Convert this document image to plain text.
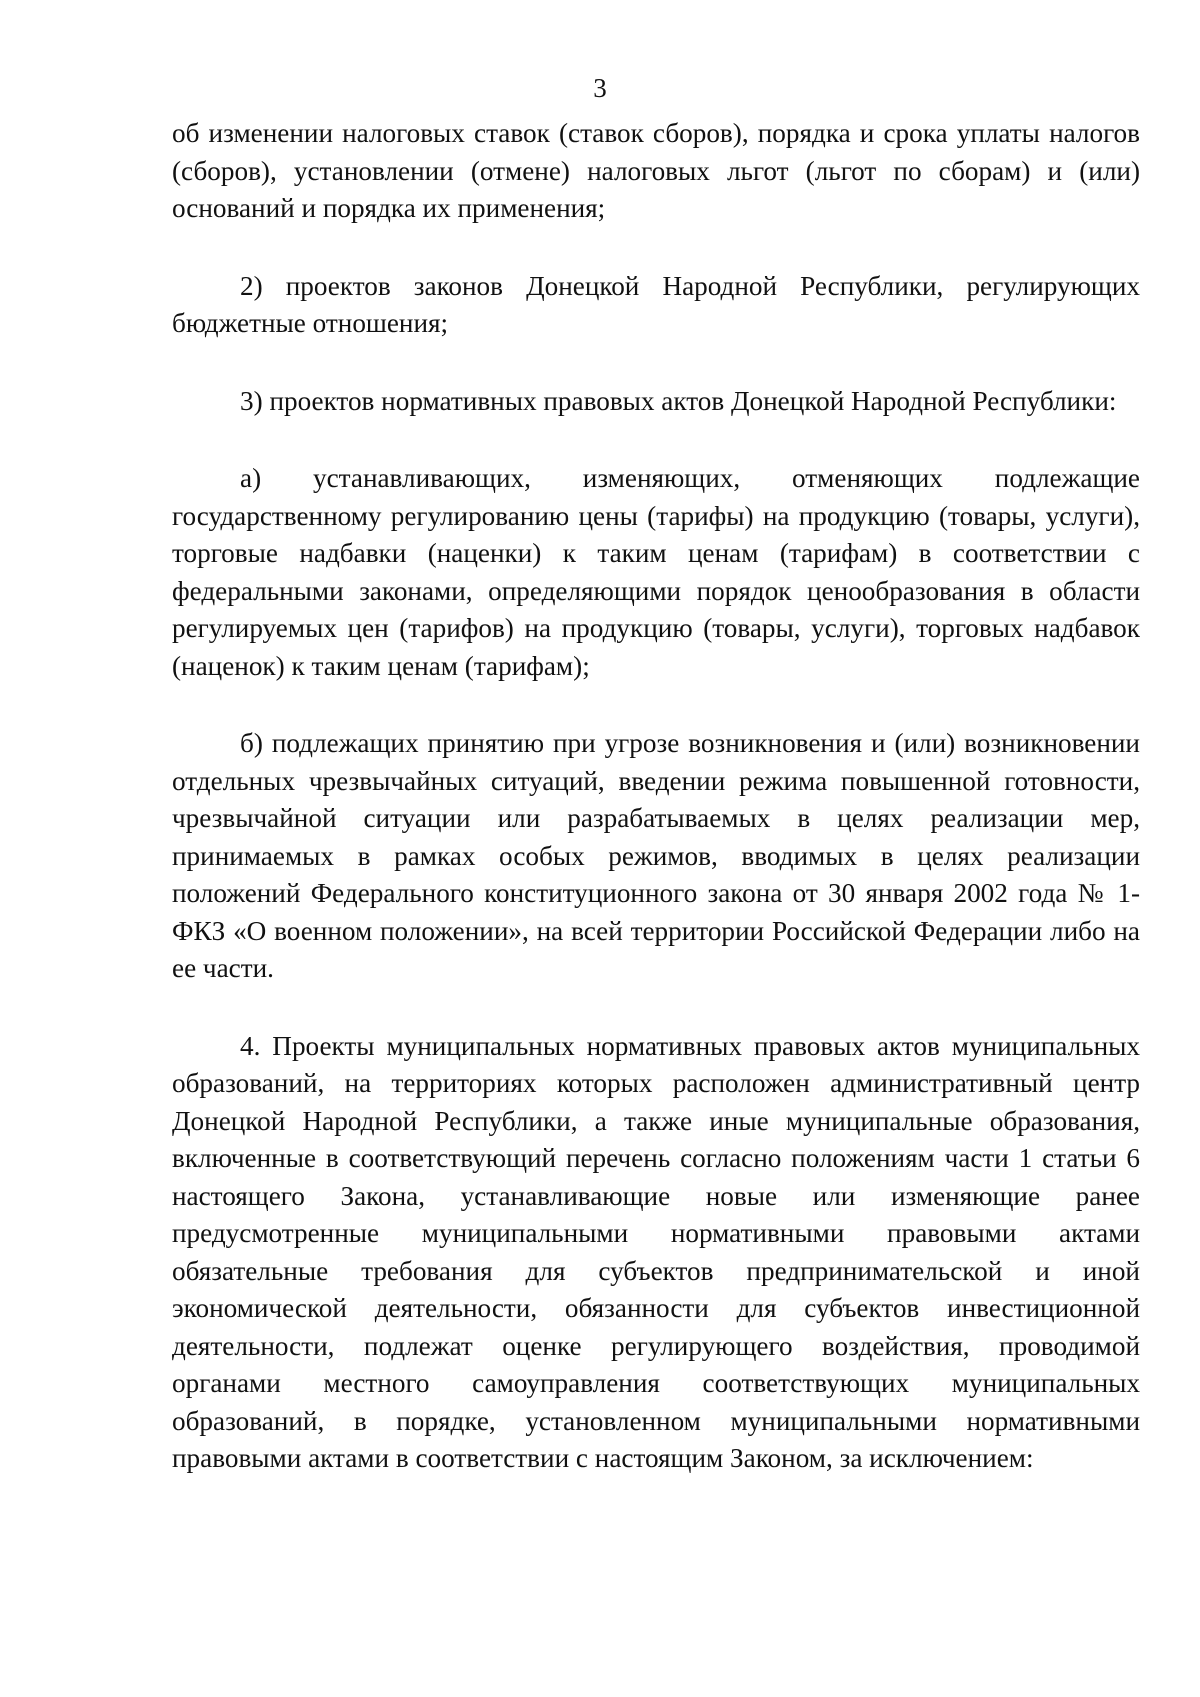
3

об изменении налоговых ставок (ставок сборов), порядка и срока уплаты налогов (сборов), установлении (отмене) налоговых льгот (льгот по сборам) и (или) оснований и порядка их применения;

2) проектов законов Донецкой Народной Республики, регулирующих бюджетные отношения;

3) проектов нормативных правовых актов Донецкой Народной Республики:

а) устанавливающих, изменяющих, отменяющих подлежащие государственному регулированию цены (тарифы) на продукцию (товары, услуги), торговые надбавки (наценки) к таким ценам (тарифам) в соответствии с федеральными законами, определяющими порядок ценообразования в области регулируемых цен (тарифов) на продукцию (товары, услуги), торговых надбавок (наценок) к таким ценам (тарифам);

б) подлежащих принятию при угрозе возникновения и (или) возникновении отдельных чрезвычайных ситуаций, введении режима повышенной готовности, чрезвычайной ситуации или разрабатываемых в целях реализации мер, принимаемых в рамках особых режимов, вводимых в целях реализации положений Федерального конституционного закона от 30 января 2002 года № 1-ФКЗ «О военном положении», на всей территории Российской Федерации либо на ее части.

4. Проекты муниципальных нормативных правовых актов муниципальных образований, на территориях которых расположен административный центр Донецкой Народной Республики, а также иные муниципальные образования, включенные в соответствующий перечень согласно положениям части 1 статьи 6 настоящего Закона, устанавливающие новые или изменяющие ранее предусмотренные муниципальными нормативными правовыми актами обязательные требования для субъектов предпринимательской и иной экономической деятельности, обязанности для субъектов инвестиционной деятельности, подлежат оценке регулирующего воздействия, проводимой органами местного самоуправления соответствующих муниципальных образований, в порядке, установленном муниципальными нормативными правовыми актами в соответствии с настоящим Законом, за исключением:
